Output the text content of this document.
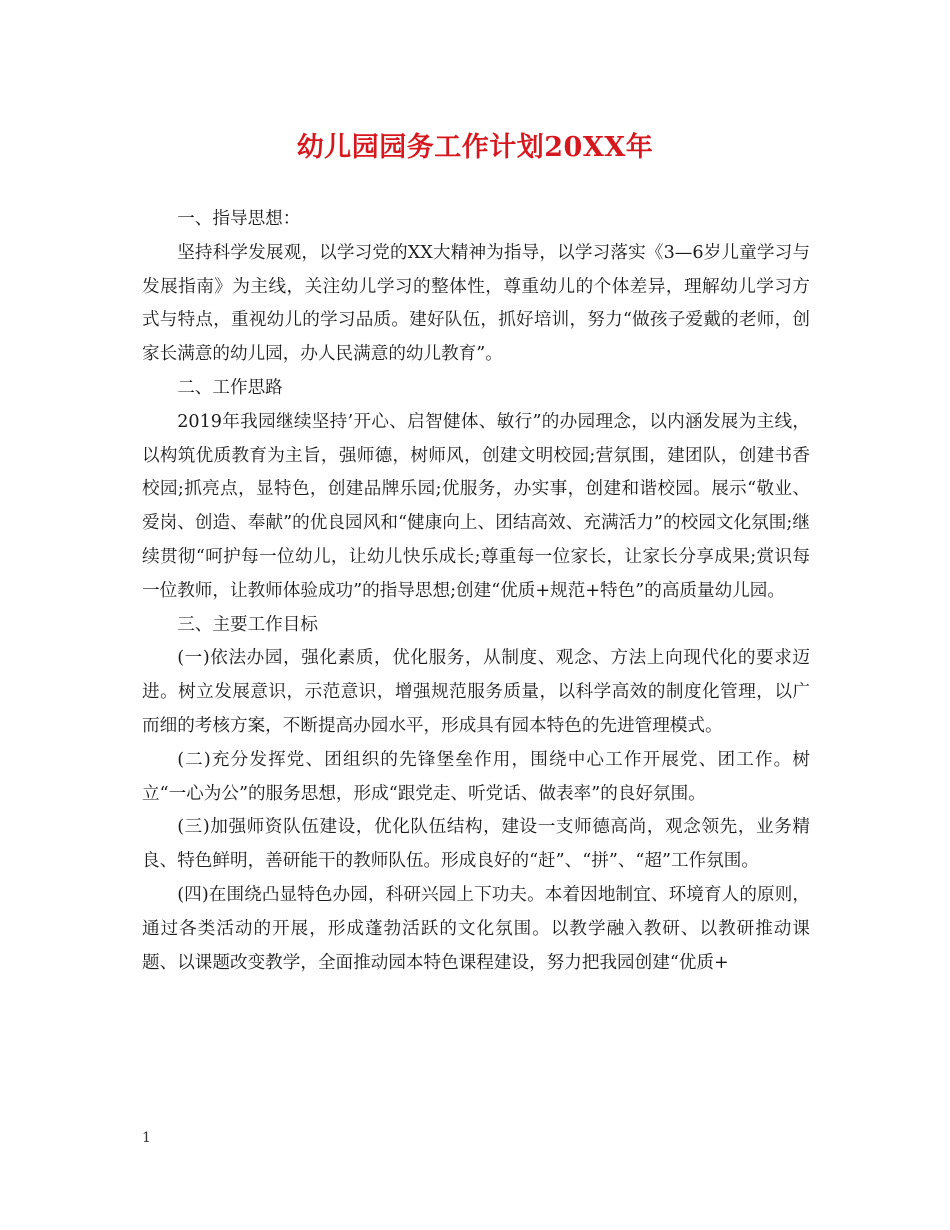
幼儿园园务工作计划20XX年

一、指导思想：

坚持科学发展观，以学习党的XX大精神为指导，以学习落实《3—6岁儿童学习与发展指南》为主线，关注幼儿学习的整体性，尊重幼儿的个体差异，理解幼儿学习方式与特点，重视幼儿的学习品质。建好队伍，抓好培训，努力“做孩子爱戴的老师，创家长满意的幼儿园，办人民满意的幼儿教育”。

二、工作思路

2019年我园继续坚持’开心、启智健体、敏行”的办园理念，以内涵发展为主线，以构筑优质教育为主旨，强师德，树师风，创建文明校园;营氛围，建团队，创建书香校园;抓亮点，显特色，创建品牌乐园;优服务，办实事，创建和谐校园。展示“敬业、爱岗、创造、奉献”的优良园风和“健康向上、团结高效、充满活力”的校园文化氛围;继续贯彻“呵护每一位幼儿，让幼儿快乐成长;尊重每一位家长，让家长分享成果;赏识每一位教师，让教师体验成功”的指导思想;创建“优质+规范+特色”的高质量幼儿园。

三、主要工作目标

(一)依法办园，强化素质，优化服务，从制度、观念、方法上向现代化的要求迈进。树立发展意识，示范意识，增强规范服务质量，以科学高效的制度化管理，以广而细的考核方案，不断提高办园水平，形成具有园本特色的先进管理模式。

(二)充分发挥党、团组织的先锋堡垒作用，围绕中心工作开展党、团工作。树立“一心为公”的服务思想，形成“跟党走、听党话、做表率”的良好氛围。

(三)加强师资队伍建设，优化队伍结构，建设一支师德高尚，观念领先，业务精良、特色鲜明，善研能干的教师队伍。形成良好的“赶”、“拼”、“超”工作氛围。

(四)在围绕凸显特色办园，科研兴园上下功夫。本着因地制宜、环境育人的原则，通过各类活动的开展，形成蓬勃活跃的文化氛围。以教学融入教研、以教研推动课题、以课题改变教学，全面推动园本特色课程建设，努力把我园创建“优质+

1
